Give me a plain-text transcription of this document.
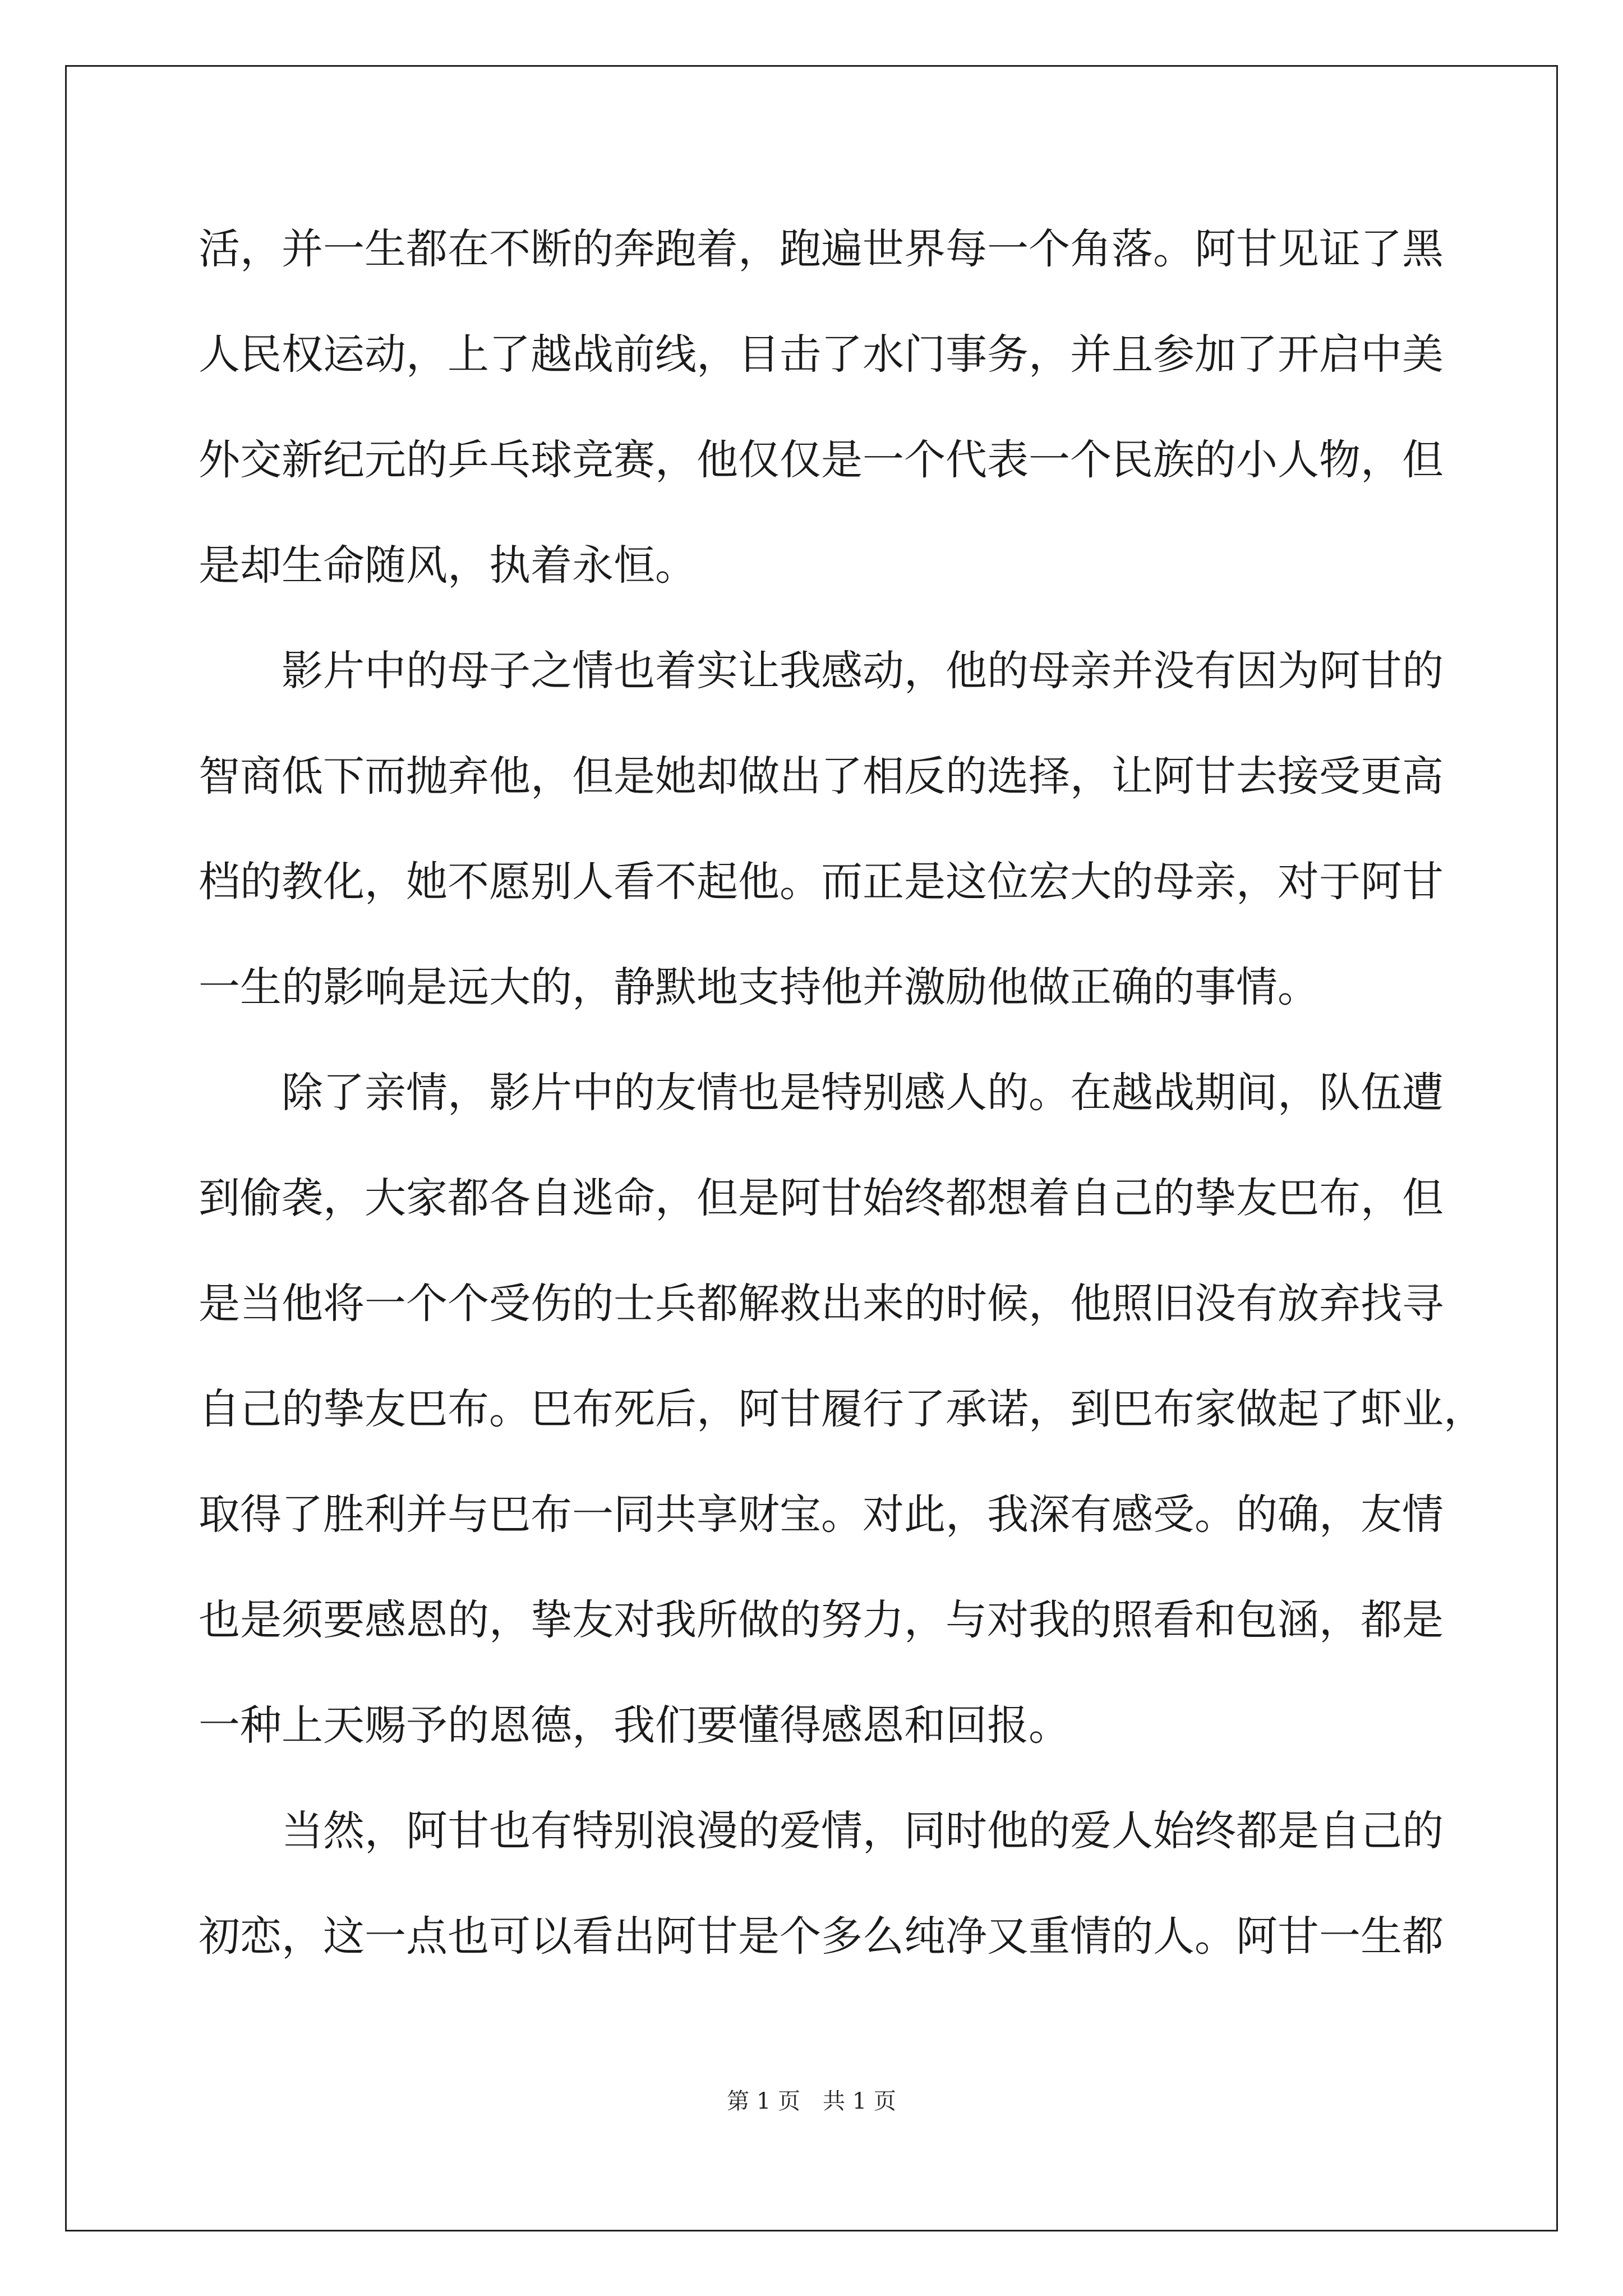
活，并一生都在不断的奔跑着，跑遍世界每一个角落。阿甘见证了黑
人民权运动，上了越战前线，目击了水门事务，并且参加了开启中美
外交新纪元的乒乓球竞赛，他仅仅是一个代表一个民族的小人物，但
是却生命随风，执着永恒。
　　影片中的母子之情也着实让我感动，他的母亲并没有因为阿甘的
智商低下而抛弃他，但是她却做出了相反的选择，让阿甘去接受更高
档的教化，她不愿别人看不起他。而正是这位宏大的母亲，对于阿甘
一生的影响是远大的，静默地支持他并激励他做正确的事情。
　　除了亲情，影片中的友情也是特别感人的。在越战期间，队伍遭
到偷袭，大家都各自逃命，但是阿甘始终都想着自己的挚友巴布，但
是当他将一个个受伤的士兵都解救出来的时候，他照旧没有放弃找寻
自己的挚友巴布。巴布死后，阿甘履行了承诺，到巴布家做起了虾业，
取得了胜利并与巴布一同共享财宝。对此，我深有感受。的确，友情
也是须要感恩的，挚友对我所做的努力，与对我的照看和包涵，都是
一种上天赐予的恩德，我们要懂得感恩和回报。
　　当然，阿甘也有特别浪漫的爱情，同时他的爱人始终都是自己的
初恋，这一点也可以看出阿甘是个多么纯净又重情的人。阿甘一生都
第 1 页　共 1 页
